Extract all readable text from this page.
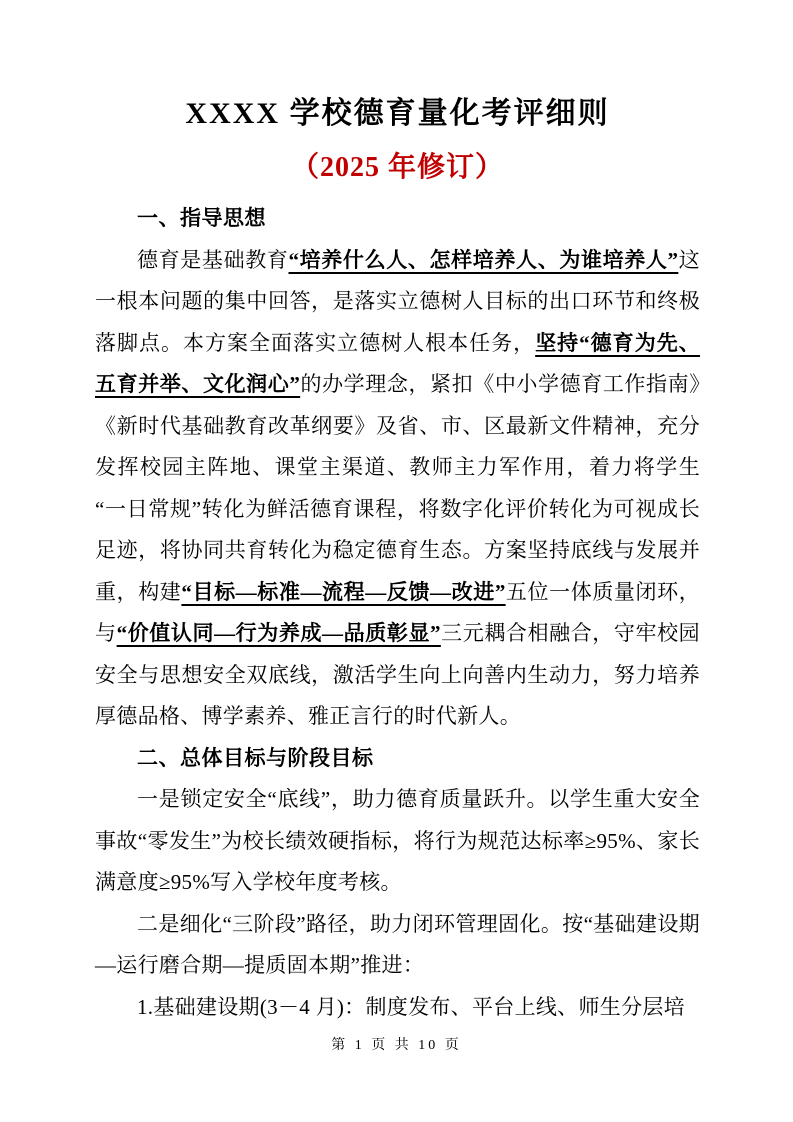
XXXX 学校德育量化考评细则
（2025 年修订）
一、指导思想

德育是基础教育“培养什么人、怎样培养人、为谁培养人”这一根本问题的集中回答，是落实立德树人目标的出口环节和终极落脚点。本方案全面落实立德树人根本任务，坚持“德育为先、五育并举、文化润心”的办学理念，紧扣《中小学德育工作指南》《新时代基础教育改革纲要》及省、市、区最新文件精神，充分发挥校园主阵地、课堂主渠道、教师主力军作用，着力将学生“一日常规”转化为鲜活德育课程，将数字化评价转化为可视成长足迹，将协同共育转化为稳定德育生态。方案坚持底线与发展并重，构建“目标—标准—流程—反馈—改进”五位一体质量闭环，与“价值认同—行为养成—品质彰显”三元耦合相融合，守牢校园安全与思想安全双底线，激活学生向上向善内生动力，努力培养厚德品格、博学素养、雅正言行的时代新人。

二、总体目标与阶段目标

一是锁定安全“底线”，助力德育质量跃升。以学生重大安全事故“零发生”为校长绩效硬指标，将行为规范达标率≥95%、家长满意度≥95%写入学校年度考核。

二是细化“三阶段”路径，助力闭环管理固化。按“基础建设期—运行磨合期—提质固本期”推进：

1.基础建设期(3－4 月)：制度发布、平台上线、师生分层培

第 1 页 共 10 页
